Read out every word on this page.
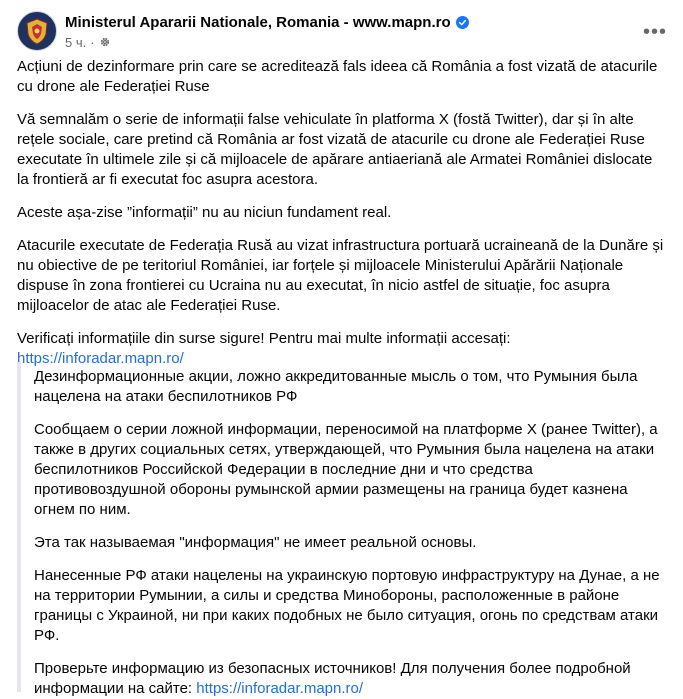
Ministerul Apararii Nationale, Romania - www.mapn.ro
5 ч. ·	•••

Acțiuni de dezinformare prin care se acreditează fals ideea că România a fost vizată de atacurile cu drone ale Federației Ruse

Vă semnalăm o serie de informații false vehiculate în platforma X (fostă Twitter), dar și în alte rețele sociale, care pretind că România ar fost vizată de atacurile cu drone ale Federației Ruse executate în ultimele zile și că mijloacele de apărare antiaeriană ale Armatei României dislocate la frontieră ar fi executat foc asupra acestora.

Aceste așa-zise ”informații” nu au niciun fundament real.

Atacurile executate de Federația Rusă au vizat infrastructura portuară ucraineană de la Dunăre și nu obiective de pe teritoriul României, iar forțele și mijloacele Ministerului Apărării Naționale dispuse în zona frontierei cu Ucraina nu au executat, în nicio astfel de situație, foc asupra mijloacelor de atac ale Federației Ruse.

Verificați informațiile din surse sigure! Pentru mai multe informații accesați:
https://inforadar.mapn.ro/

Дезинформационные акции, ложно аккредитованные мысль о том, что Румыния была нацелена на атаки беспилотников РФ

Сообщаем о серии ложной информации, переносимой на платформе X (ранее Twitter), а также в других социальных сетях, утверждающей, что Румыния была нацелена на атаки беспилотников Российской Федерации в последние дни и что средства противовоздушной обороны румынской армии размещены на граница будет казнена огнем по ним.

Эта так называемая "информация" не имеет реальной основы.

Нанесенные РФ атаки нацелены на украинскую портовую инфраструктуру на Дунае, а не на территории Румынии, а силы и средства Минобороны, расположенные в районе границы с Украиной, ни при каких подобных не было ситуация, огонь по средствам атаки РФ.

Проверьте информацию из безопасных источников! Для получения более подробной информации на сайте: https://inforadar.mapn.ro/
